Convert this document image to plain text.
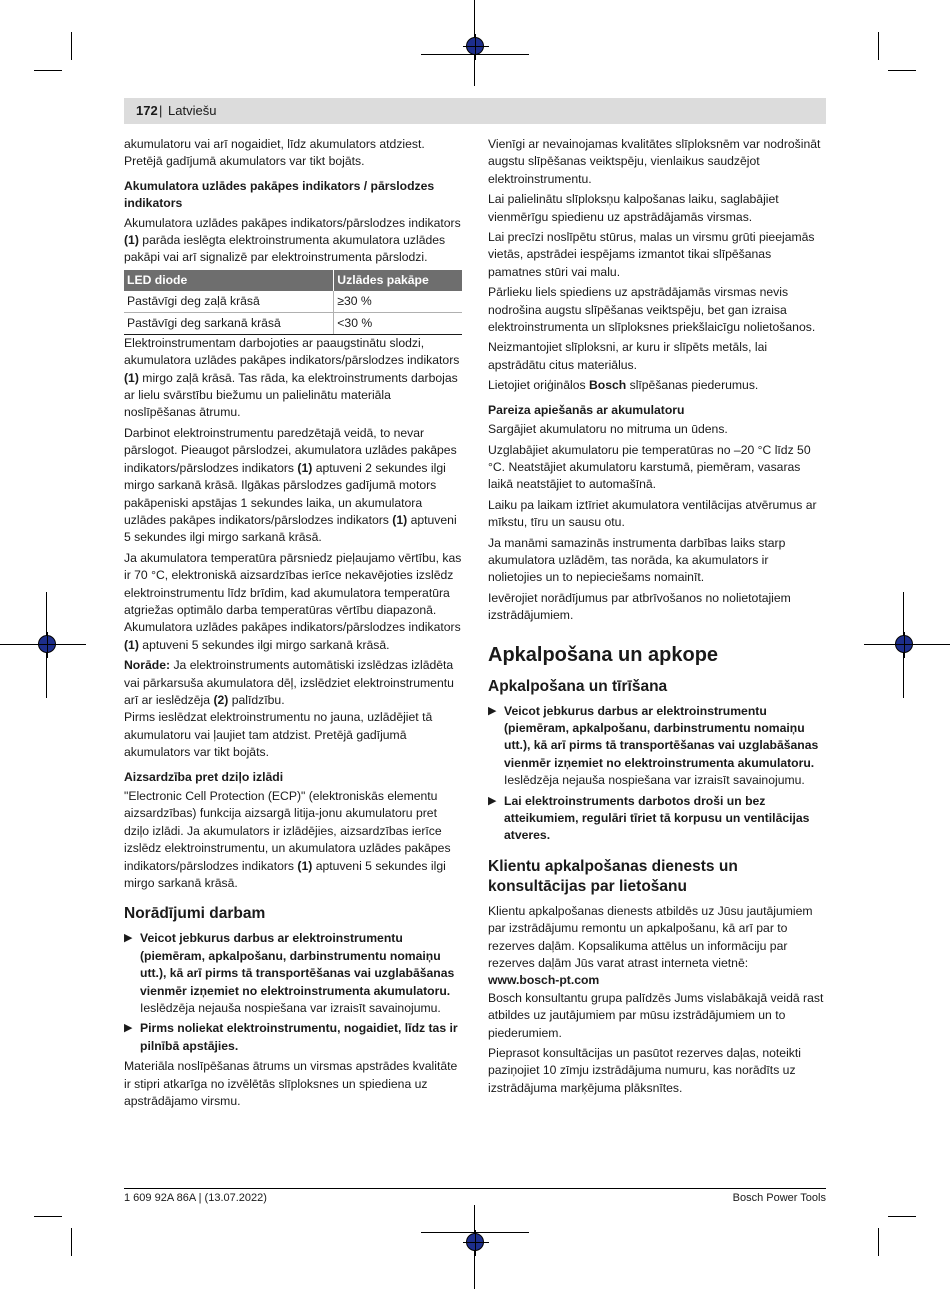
172 | Latviešu

akumulatoru vai arī nogaidiet, līdz akumulators atdziest. Pretējā gadījumā akumulators var tikt bojāts.

Akumulatora uzlādes pakāpes indikators / pārslodzes indikators

Akumulatora uzlādes pakāpes indikators/pārslodzes indikators (1) parāda ieslēgta elektroinstrumenta akumulatora uzlādes pakāpi vai arī signalizē par elektroinstrumenta pārslodzi.

LED diode	Uzlādes pakāpe
Pastāvīgi deg zaļā krāsā	≥30 %
Pastāvīgi deg sarkanā krāsā	<30 %

Elektroinstrumentam darbojoties ar paaugstinātu slodzi, akumulatora uzlādes pakāpes indikators/pārslodzes indikators (1) mirgo zaļā krāsā. Tas rāda, ka elektroinstruments darbojas ar lielu svārstību biežumu un palielinātu materiāla noslīpēšanas ātrumu.

Darbinot elektroinstrumentu paredzētajā veidā, to nevar pārslogot. Pieaugot pārslodzei, akumulatora uzlādes pakāpes indikators/pārslodzes indikators (1) aptuveni 2 sekundes ilgi mirgo sarkanā krāsā. Ilgākas pārslodzes gadījumā motors pakāpeniski apstājas 1 sekundes laika, un akumulatora uzlādes pakāpes indikators/pārslodzes indikators (1) aptuveni 5 sekundes ilgi mirgo sarkanā krāsā.

Ja akumulatora temperatūra pārsniedz pieļaujamo vērtību, kas ir 70 °C, elektroniskā aizsardzības ierīce nekavējoties izslēdz elektroinstrumentu līdz brīdim, kad akumulatora temperatūra atgriežas optimālo darba temperatūras vērtību diapazonā. Akumulatora uzlādes pakāpes indikators/pārslodzes indikators (1) aptuveni 5 sekundes ilgi mirgo sarkanā krāsā.

Norāde: Ja elektroinstruments automātiski izslēdzas izlādēta vai pārkarsuša akumulatora dēļ, izslēdziet elektroinstrumentu arī ar ieslēdzēja (2) palīdzību.
Pirms ieslēdzat elektroinstrumentu no jauna, uzlādējiet tā akumulatoru vai ļaujiet tam atdzist. Pretējā gadījumā akumulators var tikt bojāts.

Aizsardzība pret dziļo izlādi

"Electronic Cell Protection (ECP)" (elektroniskās elementu aizsardzības) funkcija aizsargā litija-jonu akumulatoru pret dziļo izlādi. Ja akumulators ir izlādējies, aizsardzības ierīce izslēdz elektroinstrumentu, un akumulatora uzlādes pakāpes indikators/pārslodzes indikators (1) aptuveni 5 sekundes ilgi mirgo sarkanā krāsā.

Norādījumi darbam
▶ Veicot jebkurus darbus ar elektroinstrumentu (piemēram, apkalpošanu, darbinstrumentu nomaiņu utt.), kā arī pirms tā transportēšanas vai uzglabāšanas vienmēr izņemiet no elektroinstrumenta akumulatoru. Ieslēdzēja nejauša nospiešana var izraisīt savainojumu.
▶ Pirms noliekat elektroinstrumentu, nogaidiet, līdz tas ir pilnībā apstājies.

Materiāla noslīpēšanas ātrums un virsmas apstrādes kvalitāte ir stipri atkarīga no izvēlētās slīploksnes un spiediena uz apstrādājamo virsmu.

Vienīgi ar nevainojamas kvalitātes slīploksnēm var nodrošināt augstu slīpēšanas veiktspēju, vienlaikus saudzējot elektroinstrumentu.

Lai palielinātu slīploksņu kalpošanas laiku, saglabājiet vienmērīgu spiedienu uz apstrādājamās virsmas.

Lai precīzi noslīpētu stūrus, malas un virsmu grūti pieejamās vietās, apstrādei iespējams izmantot tikai slīpēšanas pamatnes stūri vai malu.

Pārlieku liels spiediens uz apstrādājamās virsmas nevis nodrošina augstu slīpēšanas veiktspēju, bet gan izraisa elektroinstrumenta un slīploksnes priekšlaicīgu nolietošanos.

Neizmantojiet slīploksni, ar kuru ir slīpēts metāls, lai apstrādātu citus materiālus.

Lietojiet oriģinālos Bosch slīpēšanas piederumus.

Pareiza apiešanās ar akumulatoru

Sargājiet akumulatoru no mitruma un ūdens.

Uzglabājiet akumulatoru pie temperatūras no –20 °C līdz 50 °C. Neatstājiet akumulatoru karstumā, piemēram, vasaras laikā neatstājiet to automašīnā.

Laiku pa laikam iztīriet akumulatora ventilācijas atvērumus ar mīkstu, tīru un sausu otu.

Ja manāmi samazinās instrumenta darbības laiks starp akumulatora uzlādēm, tas norāda, ka akumulators ir nolietojies un to nepieciešams nomainīt.

Ievērojiet norādījumus par atbrīvošanos no nolietotajiem izstrādājumiem.

Apkalpošana un apkope
Apkalpošana un tīrīšana
▶ Veicot jebkurus darbus ar elektroinstrumentu (piemēram, apkalpošanu, darbinstrumentu nomaiņu utt.), kā arī pirms tā transportēšanas vai uzglabāšanas vienmēr izņemiet no elektroinstrumenta akumulatoru. Ieslēdzēja nejauša nospiešana var izraisīt savainojumu.
▶ Lai elektroinstruments darbotos droši un bez atteikumiem, regulāri tīriet tā korpusu un ventilācijas atveres.
Klientu apkalpošanas dienests un konsultācijas par lietošanu

Klientu apkalpošanas dienests atbildēs uz Jūsu jautājumiem par izstrādājumu remontu un apkalpošanu, kā arī par to rezerves daļām. Kopsalikuma attēlus un informāciju par rezerves daļām Jūs varat atrast interneta vietnē:
www.bosch-pt.com
Bosch konsultantu grupa palīdzēs Jums vislabākajā veidā rast atbildes uz jautājumiem par mūsu izstrādājumiem un to piederumiem.

Pieprasot konsultācijas un pasūtot rezerves daļas, noteikti paziņojiet 10 zīmju izstrādājuma numuru, kas norādīts uz izstrādājuma marķējuma plāksnītes.

1 609 92A 86A | (13.07.2022)	Bosch Power Tools
